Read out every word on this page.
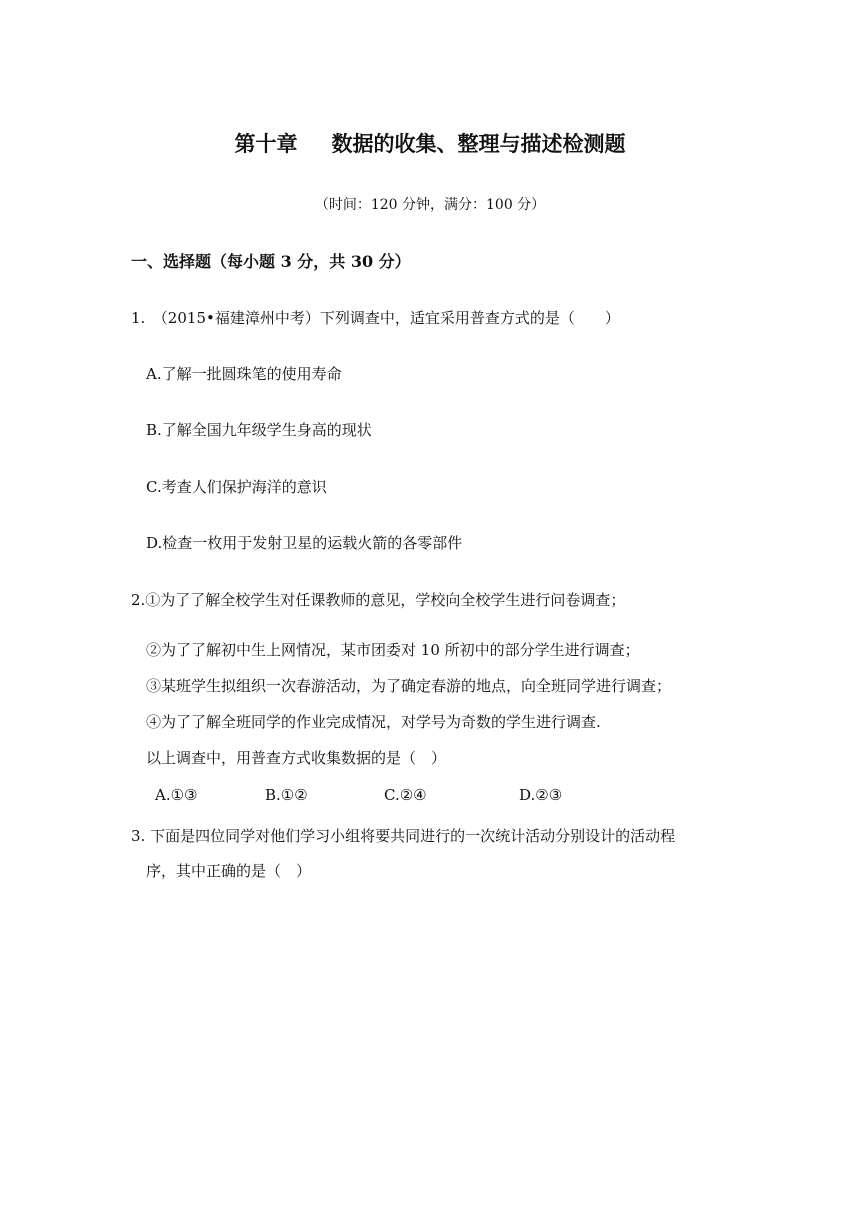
第十章 数据的收集、整理与描述检测题
（时间：120 分钟，满分：100 分）
一、选择题（每小题 3 分，共 30 分）
1.　（2015•福建漳州中考）下列调查中，适宜采用普查方式的是（　　）
A.了解一批圆珠笔的使用寿命
B.了解全国九年级学生身高的现状
C.考查人们保护海洋的意识
D.检查一枚用于发射卫星的运载火箭的各零部件
2.①为了了解全校学生对任课教师的意见，学校向全校学生进行问卷调查；
②为了了解初中生上网情况，某市团委对 10 所初中的部分学生进行调查；
③某班学生拟组织一次春游活动，为了确定春游的地点，向全班同学进行调查；
④为了了解全班同学的作业完成情况，对学号为奇数的学生进行调查.
以上调查中，用普查方式收集数据的是（　）
A.①③	B.①②	C.②④	D.②③
3. 下面是四位同学对他们学习小组将要共同进行的一次统计活动分别设计的活动程
序，其中正确的是（　）
